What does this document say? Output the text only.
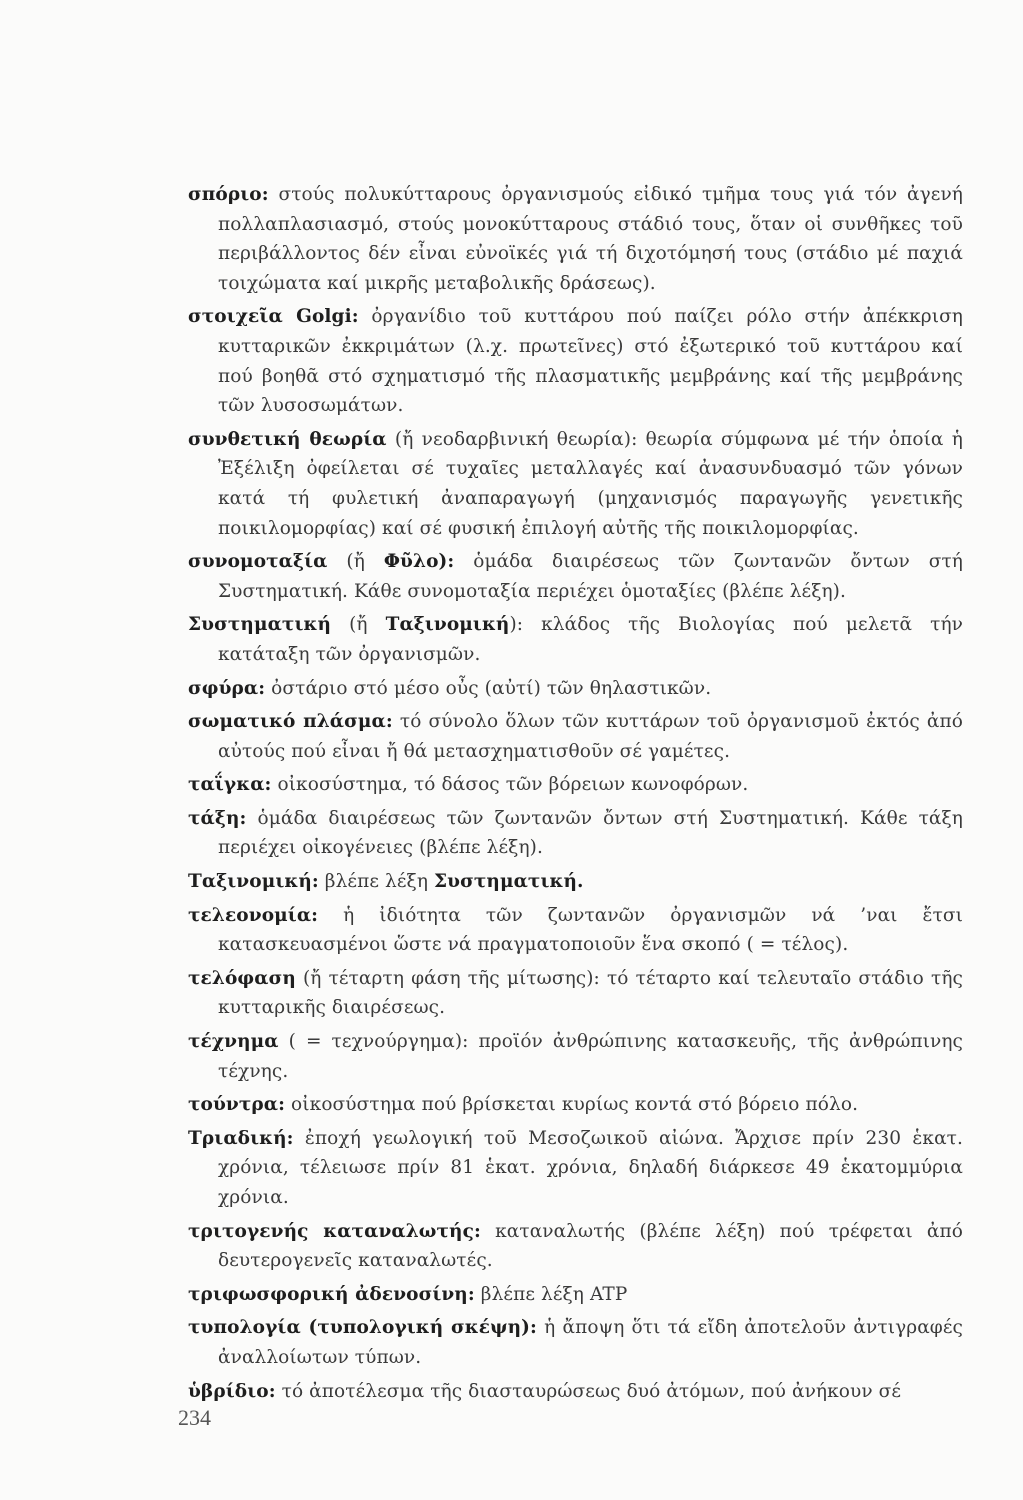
σπόριο: στούς πολυκύτταρους ὀργανισμούς εἰδικό τμῆμα τους γιά τόν ἀγενή πολλαπλασιασμό, στούς μονοκύτταρους στάδιό τους, ὅταν οἱ συνθῆκες τοῦ περιβάλλοντος δέν εἶναι εὐνοϊκές γιά τή διχοτόμησή τους (στάδιο μέ παχιά τοιχώματα καί μικρῆς μεταβολικῆς δράσεως).

στοιχεῖα Golgi: ὀργανίδιο τοῦ κυττάρου πού παίζει ρόλο στήν ἀπέκκριση κυτταρικῶν ἐκκριμάτων (λ.χ. πρωτεῖνες) στό ἐξωτερικό τοῦ κυττάρου καί πού βοηθᾶ στό σχηματισμό τῆς πλασματικῆς μεμβράνης καί τῆς μεμβράνης τῶν λυσοσωμάτων.

συνθετική θεωρία (ἤ νεοδαρβινική θεωρία): θεωρία σύμφωνα μέ τήν ὁποία ἡ Ἐξέλιξη ὀφείλεται σέ τυχαῖες μεταλλαγές καί ἀνασυνδυασμό τῶν γόνων κατά τή φυλετική ἀναπαραγωγή (μηχανισμός παραγωγῆς γενετικῆς ποικιλομορφίας) καί σέ φυσική ἐπιλογή αὐτῆς τῆς ποικιλομορφίας.

συνομοταξία (ἤ Φῦλο): ὁμάδα διαιρέσεως τῶν ζωντανῶν ὄντων στή Συστηματική. Κάθε συνομοταξία περιέχει ὁμοταξίες (βλέπε λέξη).

Συστηματική (ἤ Ταξινομική): κλάδος τῆς Βιολογίας πού μελετᾶ τήν κατάταξη τῶν ὀργανισμῶν.

σφύρα: ὀστάριο στό μέσο οὖς (αὐτί) τῶν θηλαστικῶν.

σωματικό πλάσμα: τό σύνολο ὅλων τῶν κυττάρων τοῦ ὀργανισμοῦ ἐκτός ἀπό αὐτούς πού εἶναι ἤ θά μετασχηματισθοῦν σέ γαμέτες.

ταΐγκα: οἰκοσύστημα, τό δάσος τῶν βόρειων κωνοφόρων.

τάξη: ὁμάδα διαιρέσεως τῶν ζωντανῶν ὄντων στή Συστηματική. Κάθε τάξη περιέχει οἰκογένειες (βλέπε λέξη).

Ταξινομική: βλέπε λέξη Συστηματική.

τελεονομία: ἡ ἰδιότητα τῶν ζωντανῶν ὀργανισμῶν νά ’ναι ἔτσι κατασκευασμένοι ὥστε νά πραγματοποιοῦν ἕνα σκοπό ( = τέλος).

τελόφαση (ἤ τέταρτη φάση τῆς μίτωσης): τό τέταρτο καί τελευταῖο στάδιο τῆς κυτταρικῆς διαιρέσεως.

τέχνημα ( = τεχνούργημα): προϊόν ἀνθρώπινης κατασκευῆς, τῆς ἀνθρώπινης τέχνης.

τούντρα: οἰκοσύστημα πού βρίσκεται κυρίως κοντά στό βόρειο πόλο.

Τριαδική: ἐποχή γεωλογική τοῦ Μεσοζωικοῦ αἰώνα. Ἄρχισε πρίν 230 ἑκατ. χρόνια, τέλειωσε πρίν 81 ἑκατ. χρόνια, δηλαδή διάρκεσε 49 ἑκατομμύρια χρόνια.

τριτογενής καταναλωτής: καταναλωτής (βλέπε λέξη) πού τρέφεται ἀπό δευτερογενεῖς καταναλωτές.

τριφωσφορική ἀδενοσίνη: βλέπε λέξη ATP

τυπολογία (τυπολογική σκέψη): ἡ ἄποψη ὅτι τά εἴδη ἀποτελοῦν ἀντιγραφές ἀναλλοίωτων τύπων.

ὑβρίδιο: τό ἀποτέλεσμα τῆς διασταυρώσεως δυό ἀτόμων, πού ἀνήκουν σέ

234
